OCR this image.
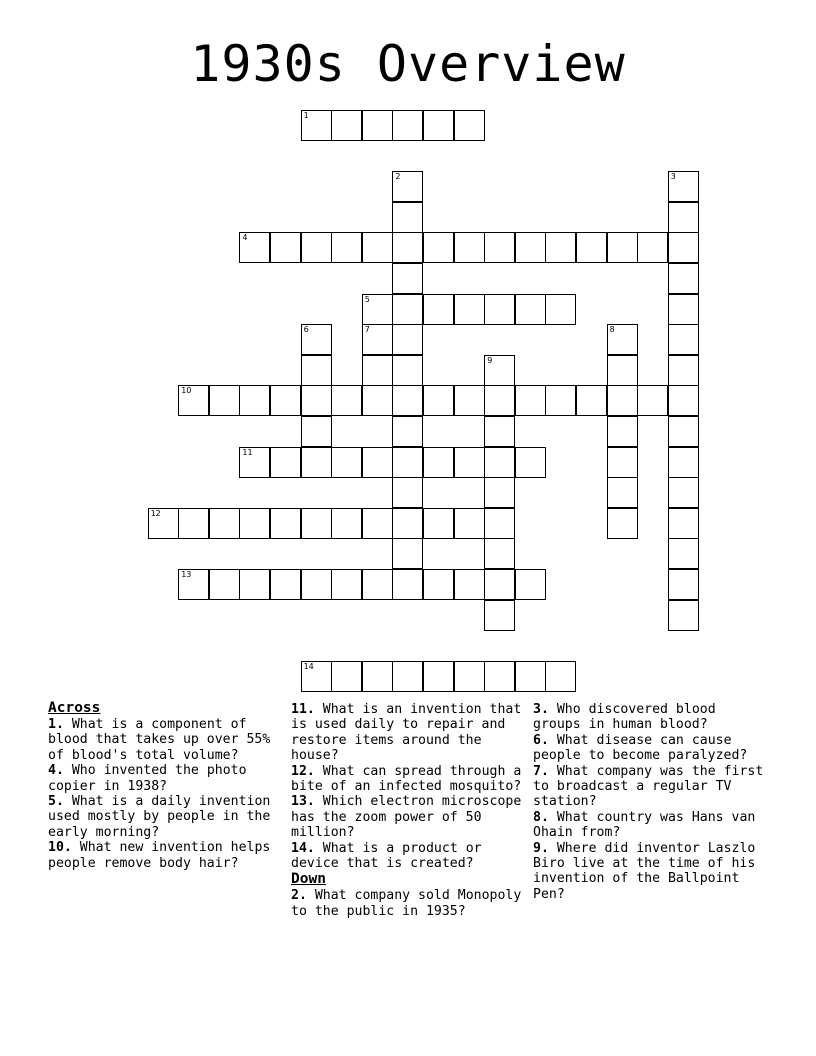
1930s Overview
1
2	3
4
5
6	7	8
9
10
11
12
13
14
Across
1. What is a component of blood that takes up over 55% of blood's total volume?
4. Who invented the photo copier in 1938?
5. What is a daily invention used mostly by people in the early morning?
10. What new invention helps people remove body hair?
11. What is an invention that is used daily to repair and restore items around the house?
12. What can spread through a bite of an infected mosquito?
13. Which electron microscope has the zoom power of 50 million?
14. What is a product or device that is created?
Down
2. What company sold Monopoly to the public in 1935?
3. Who discovered blood groups in human blood?
6. What disease can cause people to become paralyzed?
7. What company was the first to broadcast a regular TV station?
8. What country was Hans van Ohain from?
9. Where did inventor Laszlo Biro live at the time of his invention of the Ballpoint Pen?
